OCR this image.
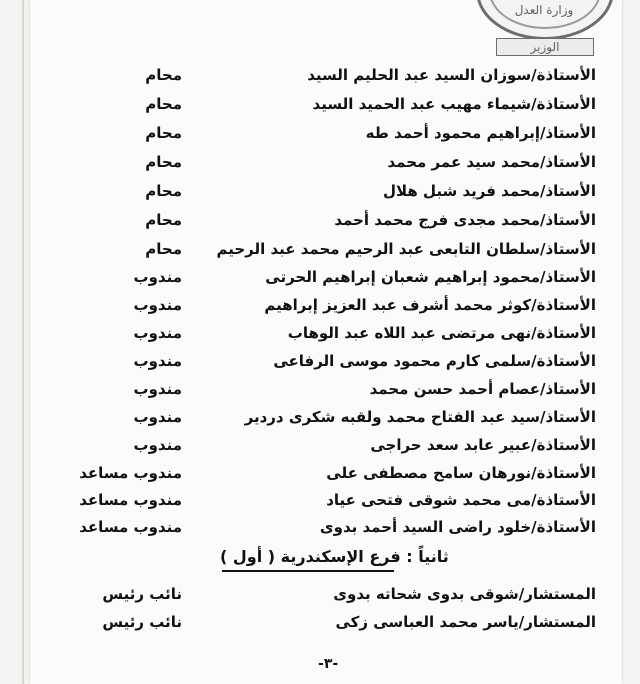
وزارة العدل
الوزير
الأستاذة/سوزان السيد عبد الحليم السيد
محام
الأستاذة/شيماء مهيب عبد الحميد السيد
محام
الأستاذ/إبراهيم محمود أحمد طه
محام
الأستاذ/محمد سيد عمر محمد
محام
الأستاذ/محمد فريد شبل هلال
محام
الأستاذ/محمد مجدى فرج محمد أحمد
محام
الأستاذ/سلطان التابعى عبد الرحيم محمد عبد الرحيم
محام
الأستاذ/محمود إبراهيم شعبان إبراهيم الحرتى
مندوب
الأستاذة/كوثر محمد أشرف عبد العزيز إبراهيم
مندوب
الأستاذة/نهى مرتضى عبد اللاه عبد الوهاب
مندوب
الأستاذة/سلمى كارم محمود موسى الرفاعى
مندوب
الأستاذ/عصام أحمد حسن محمد
مندوب
الأستاذ/سيد عبد الفتاح محمد ولقبه شكرى دردير
مندوب
الأستاذة/عبير عابد سعد حراجى
مندوب
الأستاذة/نورهان سامح مصطفى على
مندوب مساعد
الأستاذة/مى محمد شوقى فتحى عياد
مندوب مساعد
الأستاذة/خلود راضى السيد أحمد بدوى
مندوب مساعد
ثانياً : فرع الإسكندرية ( أول )
المستشار/شوقى بدوى شحاته بدوى
نائب رئيس
المستشار/ياسر محمد العباسى زكى
نائب رئيس
-٣-
